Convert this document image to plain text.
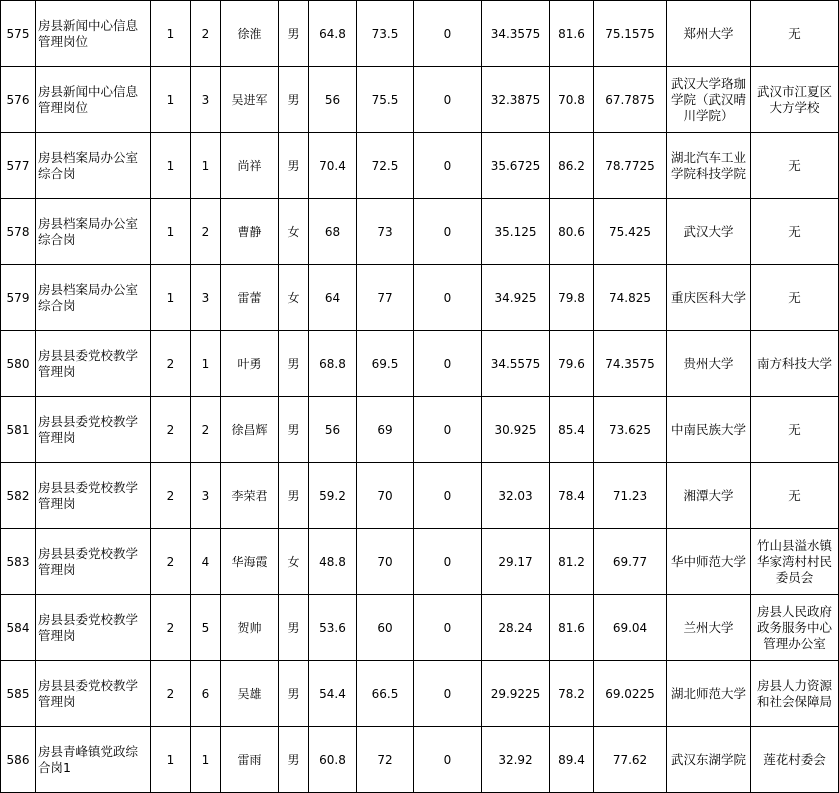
575	房县新闻中心信息管理岗位	1	2	徐淮	男	64.8	73.5	0	34.3575	81.6	75.1575	郑州大学	无
576	房县新闻中心信息管理岗位	1	3	吴进军	男	56	75.5	0	32.3875	70.8	67.7875	武汉大学珞珈学院（武汉晴川学院）	武汉市江夏区大方学校
577	房县档案局办公室综合岗	1	1	尚祥	男	70.4	72.5	0	35.6725	86.2	78.7725	湖北汽车工业学院科技学院	无
578	房县档案局办公室综合岗	1	2	曹静	女	68	73	0	35.125	80.6	75.425	武汉大学	无
579	房县档案局办公室综合岗	1	3	雷蕾	女	64	77	0	34.925	79.8	74.825	重庆医科大学	无
580	房县县委党校教学管理岗	2	1	叶勇	男	68.8	69.5	0	34.5575	79.6	74.3575	贵州大学	南方科技大学
581	房县县委党校教学管理岗	2	2	徐昌辉	男	56	69	0	30.925	85.4	73.625	中南民族大学	无
582	房县县委党校教学管理岗	2	3	李荣君	男	59.2	70	0	32.03	78.4	71.23	湘潭大学	无
583	房县县委党校教学管理岗	2	4	华海霞	女	48.8	70	0	29.17	81.2	69.77	华中师范大学	竹山县溢水镇华家湾村村民委员会
584	房县县委党校教学管理岗	2	5	贺帅	男	53.6	60	0	28.24	81.6	69.04	兰州大学	房县人民政府政务服务中心管理办公室
585	房县县委党校教学管理岗	2	6	吴雄	男	54.4	66.5	0	29.9225	78.2	69.0225	湖北师范大学	房县人力资源和社会保障局
586	房县青峰镇党政综合岗1	1	1	雷雨	男	60.8	72	0	32.92	89.4	77.62	武汉东湖学院	莲花村委会
